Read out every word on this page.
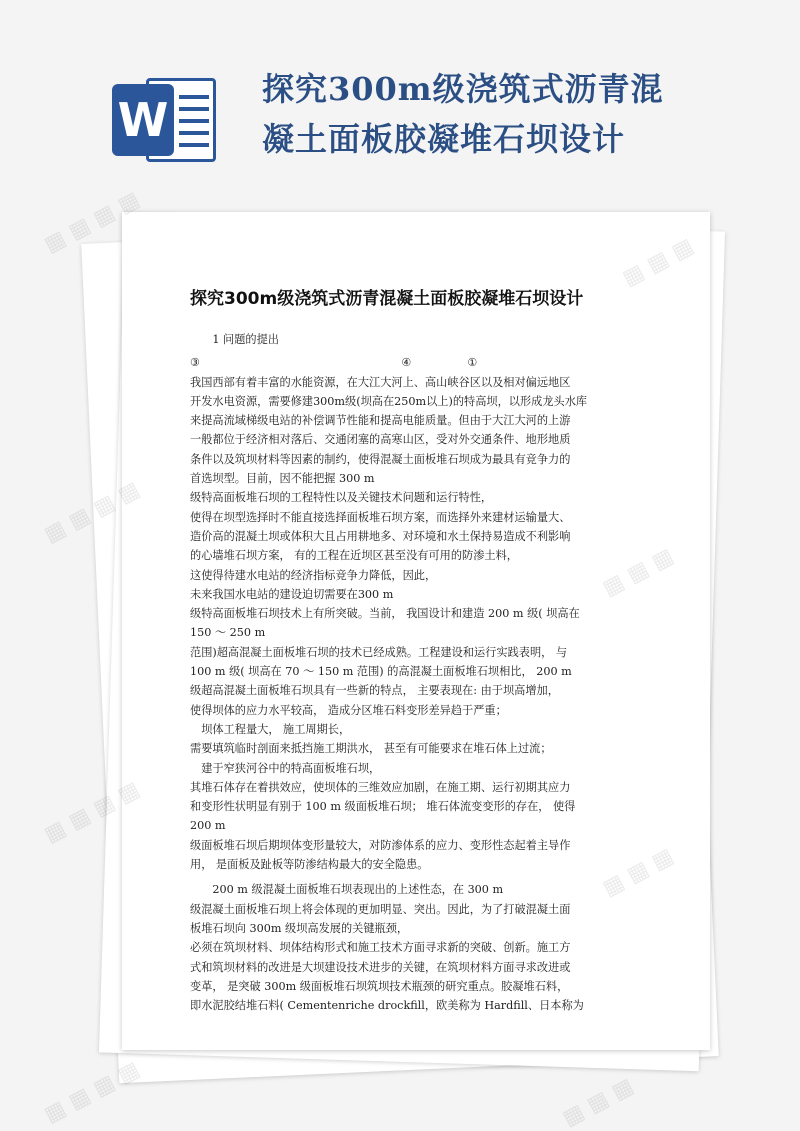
W
探究300m级浇筑式沥青混
凝土面板胶凝堆石坝设计
探究300m级浇筑式沥青混凝土面板胶凝堆石坝设计
　　1 问题的提出
③　　　　　　　　　　　　　　　　　　④　　　　　①
我国西部有着丰富的水能资源，在大江大河上、高山峡谷区以及相对偏远地区
开发水电资源，需要修建300m级(坝高在250m以上)的特高坝，以形成龙头水库
来提高流域梯级电站的补偿调节性能和提高电能质量。但由于大江大河的上游
一般都位于经济相对落后、交通闭塞的高寒山区，受对外交通条件、地形地质
条件以及筑坝材料等因素的制约，使得混凝土面板堆石坝成为最具有竞争力的
首选坝型。目前，因不能把握 300 m
级特高面板堆石坝的工程特性以及关键技术问题和运行特性，
使得在坝型选择时不能直接选择面板堆石坝方案，而选择外来建材运输量大、
造价高的混凝土坝或体积大且占用耕地多、对环境和水土保持易造成不利影响
的心墙堆石坝方案， 有的工程在近坝区甚至没有可用的防渗土料，
这使得待建水电站的经济指标竞争力降低，因此，
未来我国水电站的建设迫切需要在300 m
级特高面板堆石坝技术上有所突破。当前， 我国设计和建造 200 m 级( 坝高在
150 ～ 250 m
范围)超高混凝土面板堆石坝的技术已经成熟。工程建设和运行实践表明， 与
100 m 级( 坝高在 70 ～ 150 m 范围) 的高混凝土面板堆石坝相比， 200 m
级超高混凝土面板堆石坝具有一些新的特点， 主要表现在: 由于坝高增加，
使得坝体的应力水平较高， 造成分区堆石料变形差异趋于严重；
　坝体工程量大， 施工周期长，
需要填筑临时剖面来抵挡施工期洪水， 甚至有可能要求在堆石体上过流；
　建于窄狭河谷中的特高面板堆石坝，
其堆石体存在着拱效应，使坝体的三维效应加剧，在施工期、运行初期其应力
和变形性状明显有别于 100 m 级面板堆石坝； 堆石体流变变形的存在， 使得
200 m
级面板堆石坝后期坝体变形量较大，对防渗体系的应力、变形性态起着主导作
用， 是面板及趾板等防渗结构最大的安全隐患。
　　200 m 级混凝土面板堆石坝表现出的上述性态，在 300 m
级混凝土面板堆石坝上将会体现的更加明显、突出。因此，为了打破混凝土面
板堆石坝向 300m 级坝高发展的关键瓶颈，
必须在筑坝材料、坝体结构形式和施工技术方面寻求新的突破、创新。施工方
式和筑坝材料的改进是大坝建设技术进步的关键，在筑坝材料方面寻求改进或
变革， 是突破 300m 级面板堆石坝筑坝技术瓶颈的研究重点。胶凝堆石料，
即水泥胶结堆石料( Cementenriche drockfill，欧美称为 Hardfill、日本称为
▦ ▦ ▦ ▦
▦ ▦ ▦ ▦
▦ ▦ ▦ ▦
▦ ▦ ▦ ▦	▦ ▦ ▦
